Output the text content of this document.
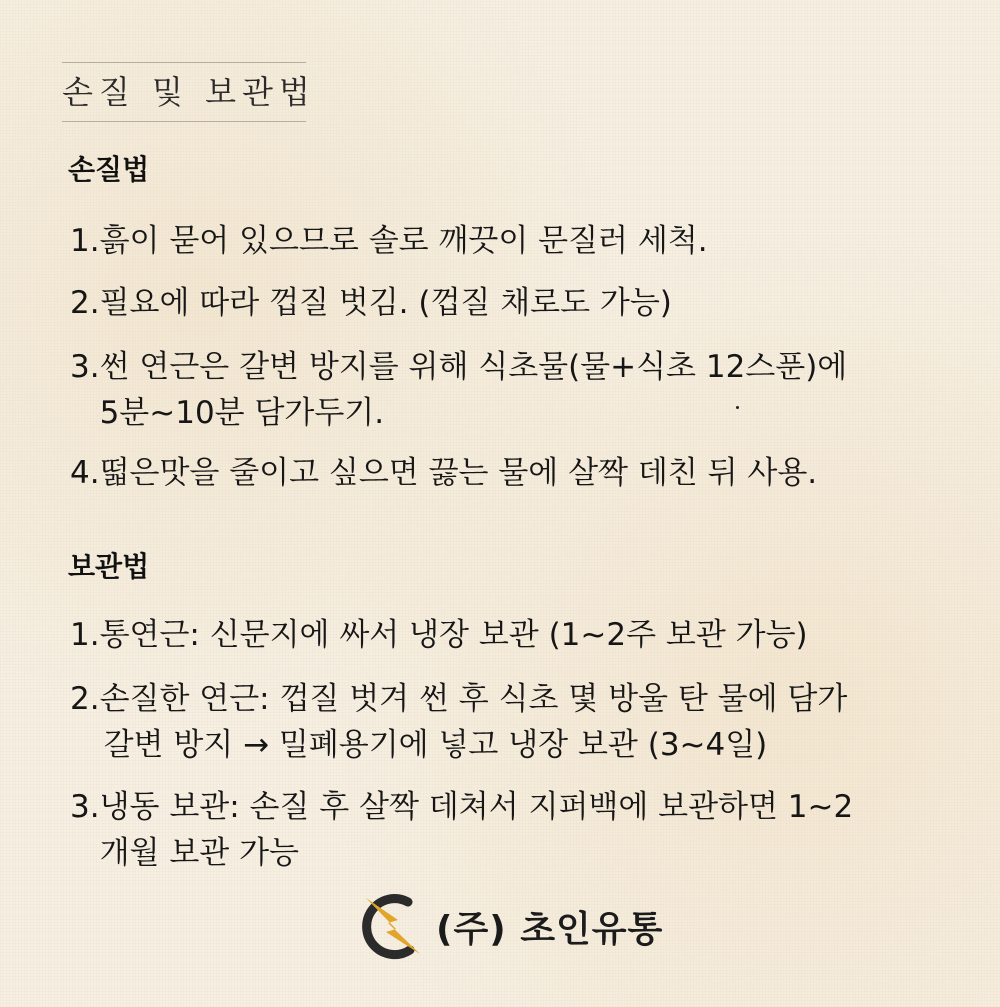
손질 및 보관법
손질법
1. 흙이 묻어 있으므로 솔로 깨끗이 문질러 세척.
2. 필요에 따라 껍질 벗김. (껍질 채로도 가능)
3. 썬 연근은 갈변 방지를 위해 식초물(물+식초 12스푼)에
5분~10분 담가두기.
4. 떫은맛을 줄이고 싶으면 끓는 물에 살짝 데친 뒤 사용.
보관법
1. 통연근: 신문지에 싸서 냉장 보관 (1~2주 보관 가능)
2. 손질한 연근: 껍질 벗겨 썬 후 식초 몇 방울 탄 물에 담가
갈변 방지 → 밀폐용기에 넣고 냉장 보관 (3~4일)
3. 냉동 보관: 손질 후 살짝 데쳐서 지퍼백에 보관하면 1~2
개월 보관 가능
(주) 초인유통
